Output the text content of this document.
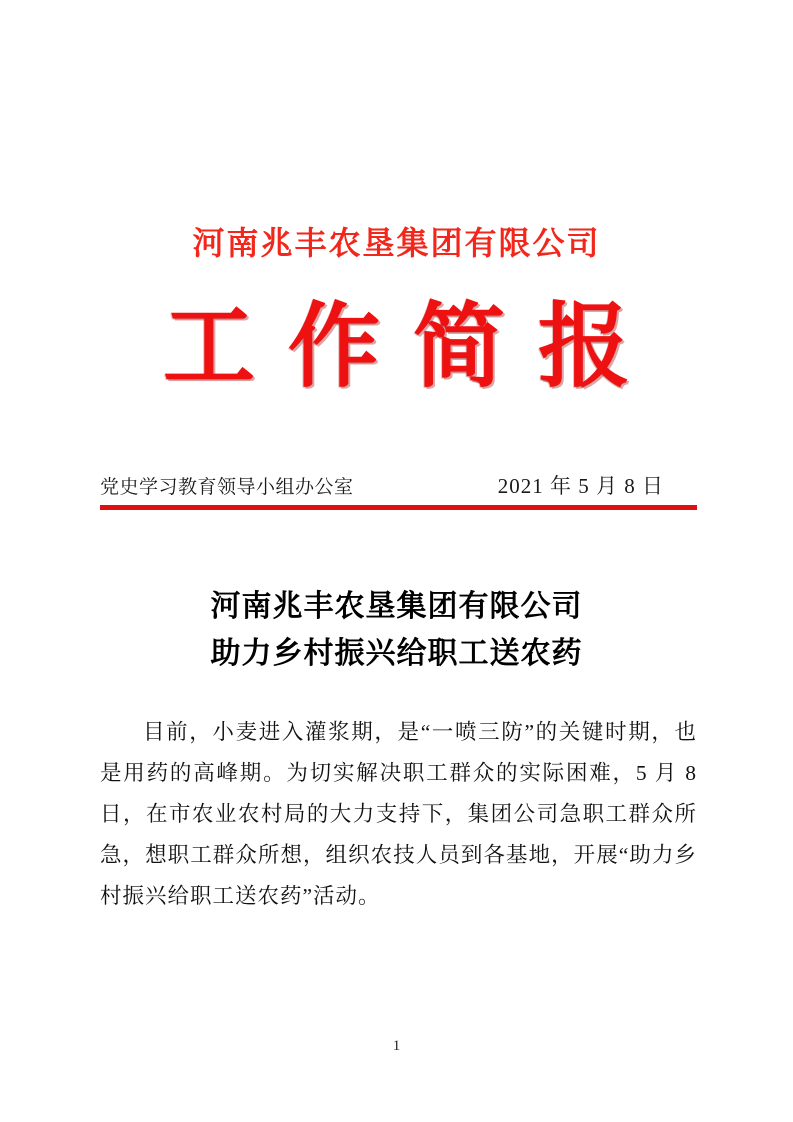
河南兆丰农垦集团有限公司
工作简报
党史学习教育领导小组办公室	2021 年 5 月 8 日
河南兆丰农垦集团有限公司
助力乡村振兴给职工送农药
目前，小麦进入灌浆期，是“一喷三防”的关键时期，也是用药的高峰期。为切实解决职工群众的实际困难，5 月 8 日，在市农业农村局的大力支持下，集团公司急职工群众所急，想职工群众所想，组织农技人员到各基地，开展“助力乡村振兴给职工送农药”活动。
1
